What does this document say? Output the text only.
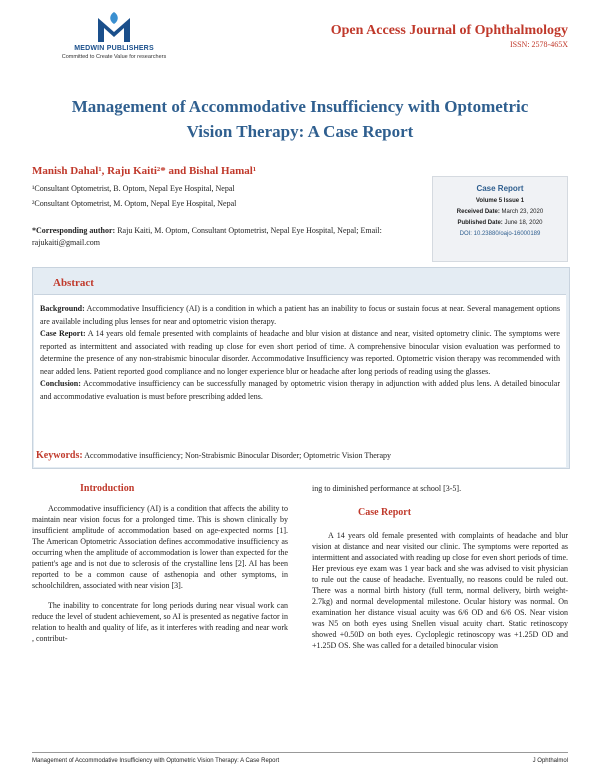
MEDWIN PUBLISHERS
Committed to Create Value for researchers
Open Access Journal of Ophthalmology
ISSN: 2578-465X
Management of Accommodative Insufficiency with Optometric
Vision Therapy: A Case Report
Manish Dahal¹, Raju Kaiti²* and Bishal Hamal¹
¹Consultant Optometrist, B. Optom, Nepal Eye Hospital, Nepal
²Consultant Optometrist, M. Optom, Nepal Eye Hospital, Nepal
*Corresponding author: Raju Kaiti, M. Optom, Consultant Optometrist, Nepal Eye Hospital, Nepal; Email: rajukaiti@gmail.com
Case Report
Volume 5 Issue 1
Received Date: March 23, 2020
Published Date: June 18, 2020
DOI: 10.23880/oajo-16000189
Abstract
Background: Accommodative Insufficiency (AI) is a condition in which a patient has an inability to focus or sustain focus at near. Several management options are available including plus lenses for near and optometric vision therapy.
Case Report: A 14 years old female presented with complaints of headache and blur vision at distance and near, visited optometry clinic. The symptoms were reported as intermittent and associated with reading up close for even short period of time. A comprehensive binocular vision evaluation was performed to determine the presence of any non-strabismic binocular disorder. Accommodative Insufficiency was reported. Optometric vision therapy was recommended with near added lens. Patient reported good compliance and no longer experience blur or headache after long periods of reading using the glasses.
Conclusion: Accommodative insufficiency can be successfully managed by optometric vision therapy in adjunction with added plus lens. A detailed binocular and accommodative evaluation is must before prescribing added lens.
Keywords: Accommodative insufficiency; Non-Strabismic Binocular Disorder; Optometric Vision Therapy
Introduction

Accommodative insufficiency (AI) is a condition that affects the ability to maintain near vision focus for a prolonged time. This is shown clinically by insufficient amplitude of accommodation based on age-expected norms [1]. The American Optometric Association defines accommodative insufficiency as occurring when the amplitude of accommodation is lower than expected for the patient's age and is not due to sclerosis of the crystalline lens [2]. AI has been reported to be a common cause of asthenopia and other symptoms, in schoolchildren, associated with near vision [3].

The inability to concentrate for long periods during near visual work can reduce the level of student achievement, so AI is presented as negative factor in relation to health and quality of life, as it interferes with reading and near work , contribut-

ing to diminished performance at school [3-5].

Case Report

A 14 years old female presented with complaints of headache and blur vision at distance and near visited our clinic. The symptoms were reported as intermittent and associated with reading up close for even short periods of time. Her previous eye exam was 1 year back and she was advised to visit physician to rule out the cause of headache. Eventually, no reasons could be ruled out. There was a normal birth history (full term, normal delivery, birth weight-2.7kg) and normal developmental milestone. Ocular history was normal. On examination her distance visual acuity was 6/6 OD and 6/6 OS. Near vision was N5 on both eyes using Snellen visual acuity chart. Static retinoscopy showed +0.50D on both eyes. Cycloplegic retinoscopy was +1.25D OD and +1.25D OS. She was called for a detailed binocular vision

Management of Accommodative Insufficiency with Optometric Vision Therapy: A Case Report	J Ophthalmol
